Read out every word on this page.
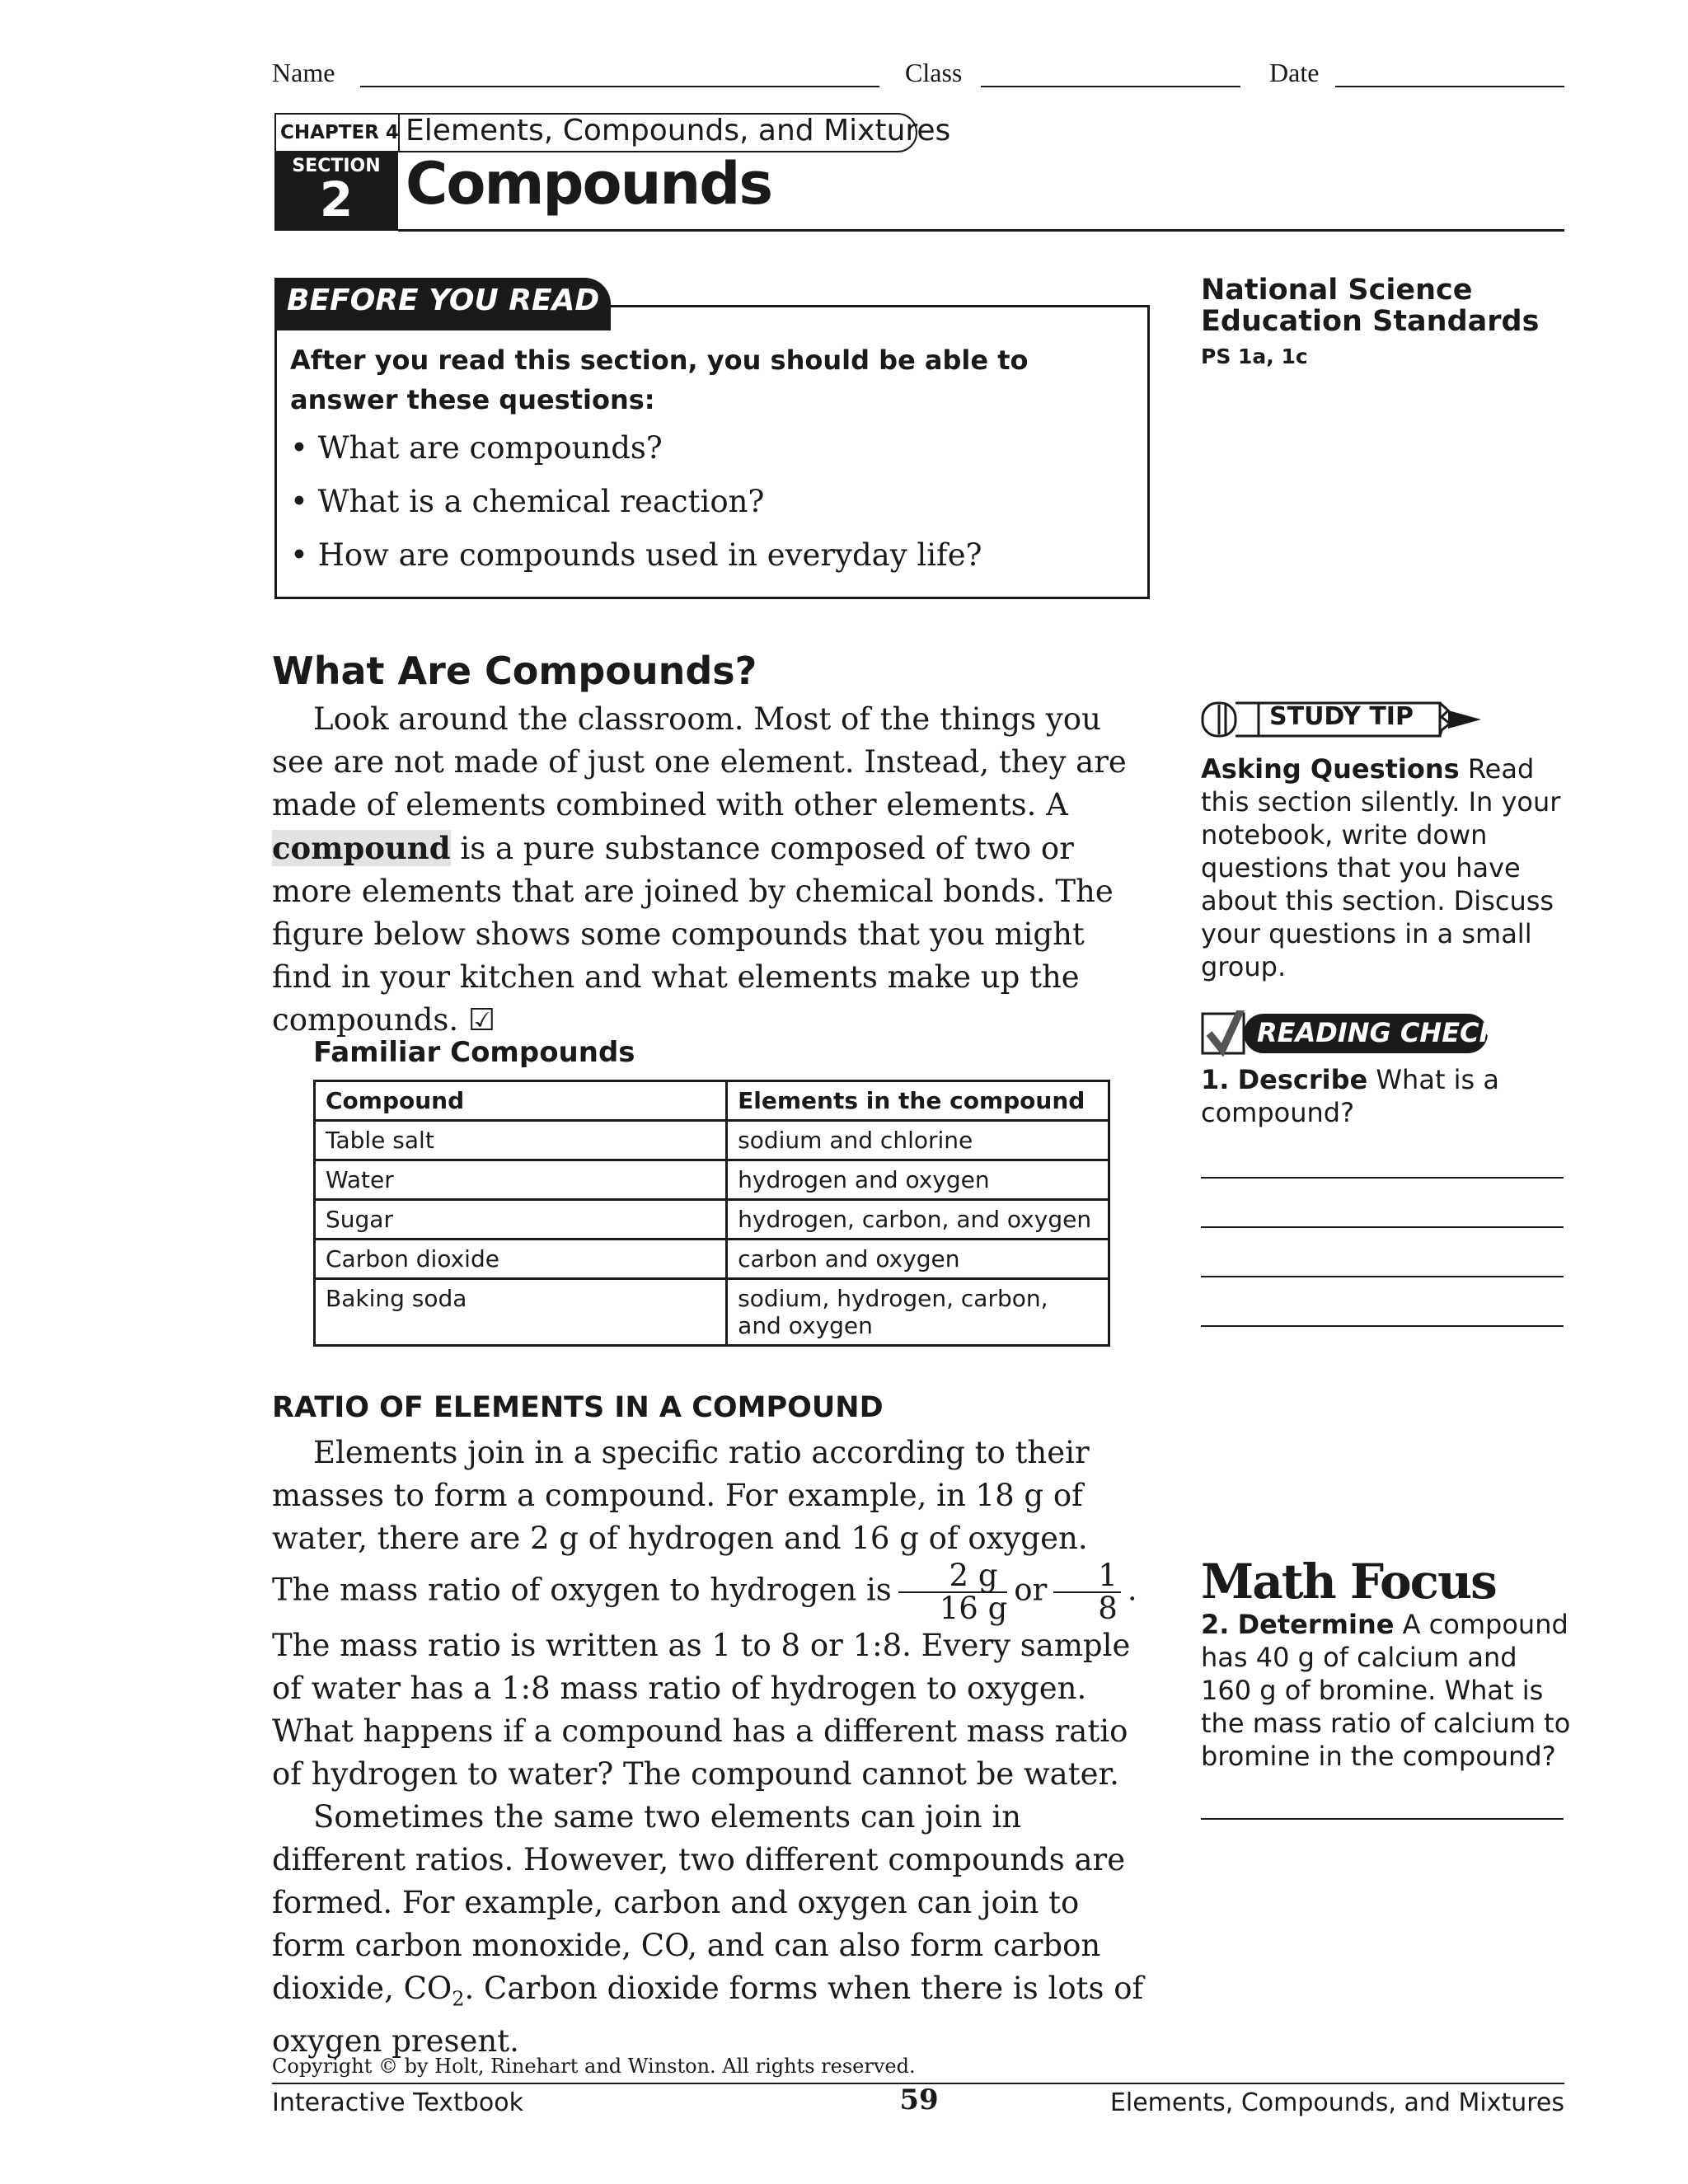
Name	Class	Date
CHAPTER 4 Elements, Compounds, and Mixtures
SECTION
2 Compounds
BEFORE YOU READ
After you read this section, you should be able to answer these questions:
• What are compounds?
• What is a chemical reaction?
• How are compounds used in everyday life?
National Science
Education Standards
PS 1a, 1c
What Are Compounds?

Look around the classroom. Most of the things you see are not made of just one element. Instead, they are made of elements combined with other elements. A compound is a pure substance composed of two or more elements that are joined by chemical bonds. The figure below shows some compounds that you might find in your kitchen and what elements make up the compounds. ☑

Familiar Compounds
Compound	Elements in the compound
Table salt	sodium and chlorine
Water	hydrogen and oxygen
Sugar	hydrogen, carbon, and oxygen
Carbon dioxide	carbon and oxygen
Baking soda	sodium, hydrogen, carbon, and oxygen
RATIO OF ELEMENTS IN A COMPOUND

Elements join in a specific ratio according to their masses to form a compound. For example, in 18 g of water, there are 2 g of hydrogen and 16 g of oxygen. The mass ratio of oxygen to hydrogen is $\frac{2 g}{16 g}$ or $\frac{1}{8}$ . The mass ratio is written as 1 to 8 or 1:8. Every sample of water has a 1:8 mass ratio of hydrogen to oxygen. What happens if a compound has a different mass ratio of hydrogen to water? The compound cannot be water.

Sometimes the same two elements can join in different ratios. However, two different compounds are formed. For example, carbon and oxygen can join to form carbon monoxide, CO, and can also form carbon dioxide, $CO_2$. Carbon dioxide forms when there is lots of oxygen present.

STUDY TIP
Asking Questions Read this section silently. In your notebook, write down questions that you have about this section. Discuss your questions in a small group.
READING CHECK
1. Describe What is a compound?
Math Focus
2. Determine A compound has 40 g of calcium and 160 g of bromine. What is the mass ratio of calcium to bromine in the compound?
Copyright © by Holt, Rinehart and Winston. All rights reserved.
Interactive Textbook	59	Elements, Compounds, and Mixtures
